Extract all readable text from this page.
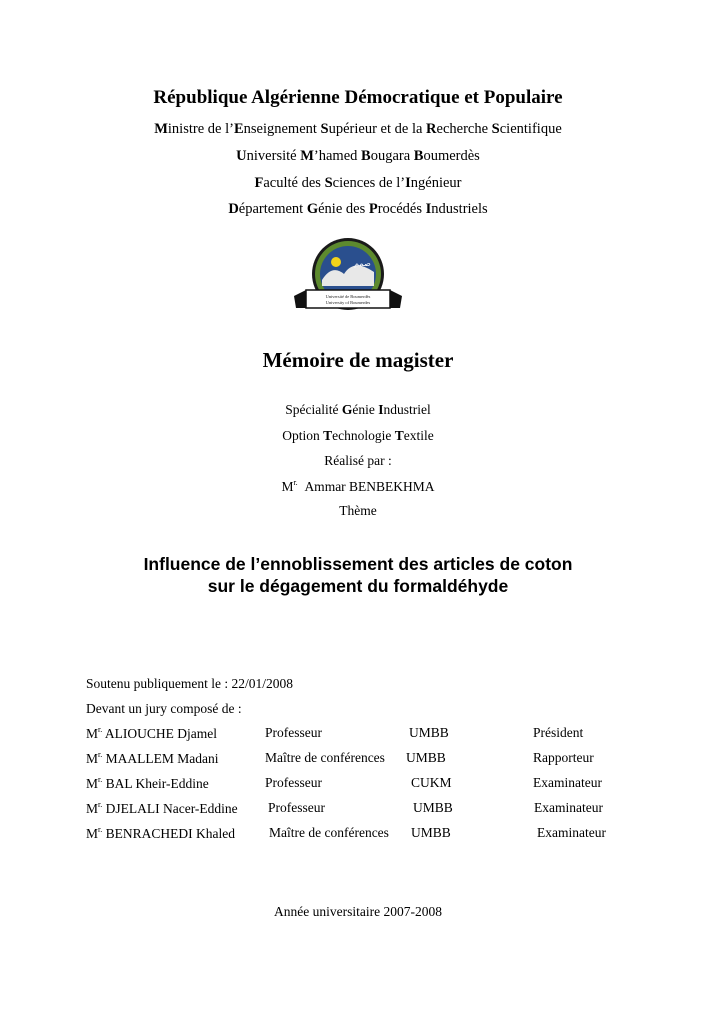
République Algérienne Démocratique et Populaire
Ministre de l’Enseignement Supérieur et de la Recherche Scientifique
Université M’hamed Bougara Boumerdès
Faculté des Sciences de l’Ingénieur
Département Génie des Procédés Industriels
صمم
Université de Boumerdès
University of Boumerdes
Mémoire de magister
Spécialité Génie Industriel
Option Technologie Textile
Réalisé par :
$M^{r.}$ Ammar BENBEKHMA
Thème
Influence de l’ennoblissement des articles de coton
sur le dégagement du formaldéhyde
Soutenu publiquement le : 22/01/2008
Devant un jury composé de :
$M^{r.}$ ALIOUCHE Djamel	Professeur	UMBB	Président
$M^{r.}$ MAALLEM Madani	Maître de conférences UMBB	Rapporteur
$M^{r.}$ BAL Kheir-Eddine	Professeur	CUKM	Examinateur
$M^{r.}$ DJELALI Nacer-Eddine Professeur	UMBB	Examinateur
$M^{r.}$ BENRACHEDI Khaled	Maître de conférences UMBB	Examinateur
Année universitaire 2007-2008
